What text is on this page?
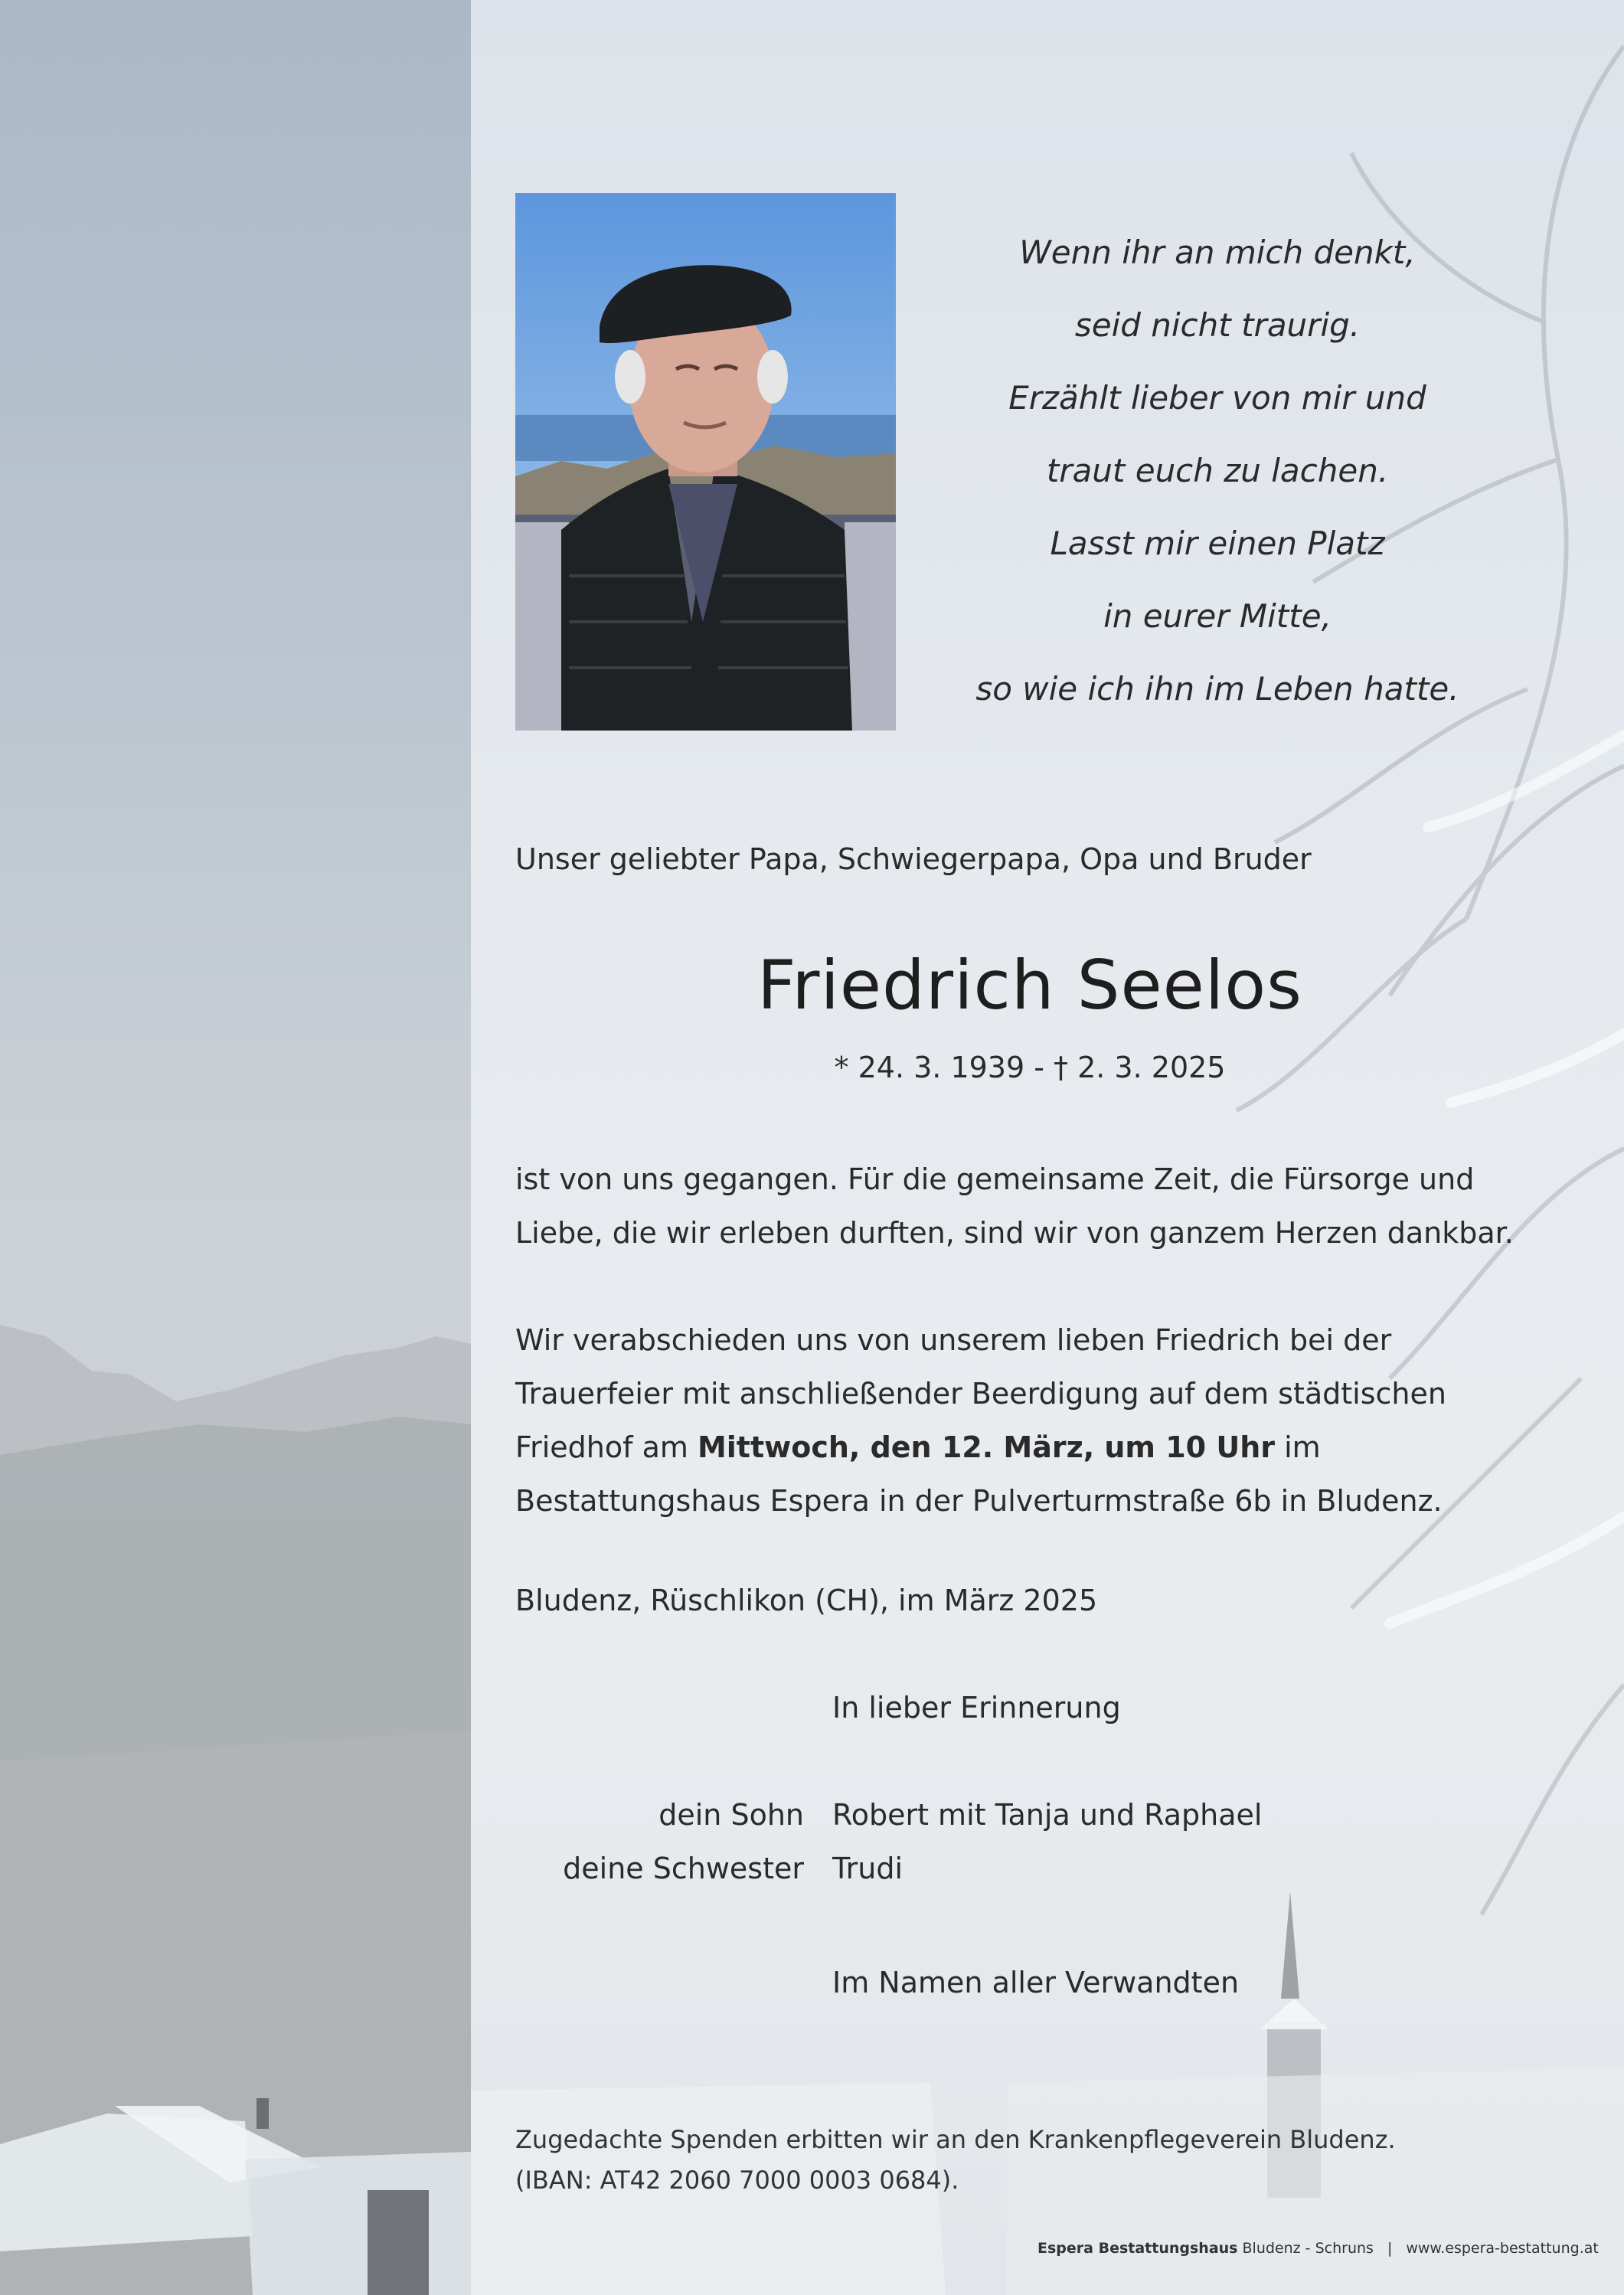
Wenn ihr an mich denkt,
seid nicht traurig.
Erzählt lieber von mir und
traut euch zu lachen.
Lasst mir einen Platz
in eurer Mitte,
so wie ich ihn im Leben hatte.
Unser geliebter Papa, Schwiegerpapa, Opa und Bruder
Friedrich Seelos
* 24. 3. 1939 - † 2. 3. 2025
ist von uns gegangen. Für die gemeinsame Zeit, die Fürsorge und Liebe, die wir erleben durften, sind wir von ganzem Herzen dankbar.
Wir verabschieden uns von unserem lieben Friedrich bei der Trauerfeier mit anschließender Beerdigung auf dem städtischen Friedhof am Mittwoch, den 12. März, um 10 Uhr im Bestattungshaus Espera in der Pulverturmstraße 6b in Bludenz.
Bludenz, Rüschlikon (CH), im März 2025
In lieber Erinnerung
dein Sohn Robert mit Tanja und Raphael
deine Schwester Trudi
Im Namen aller Verwandten
Zugedachte Spenden erbitten wir an den Krankenpflegeverein Bludenz.
(IBAN: AT42 2060 7000 0003 0684).
Espera Bestattungshaus Bludenz - Schruns | www.espera-bestattung.at
